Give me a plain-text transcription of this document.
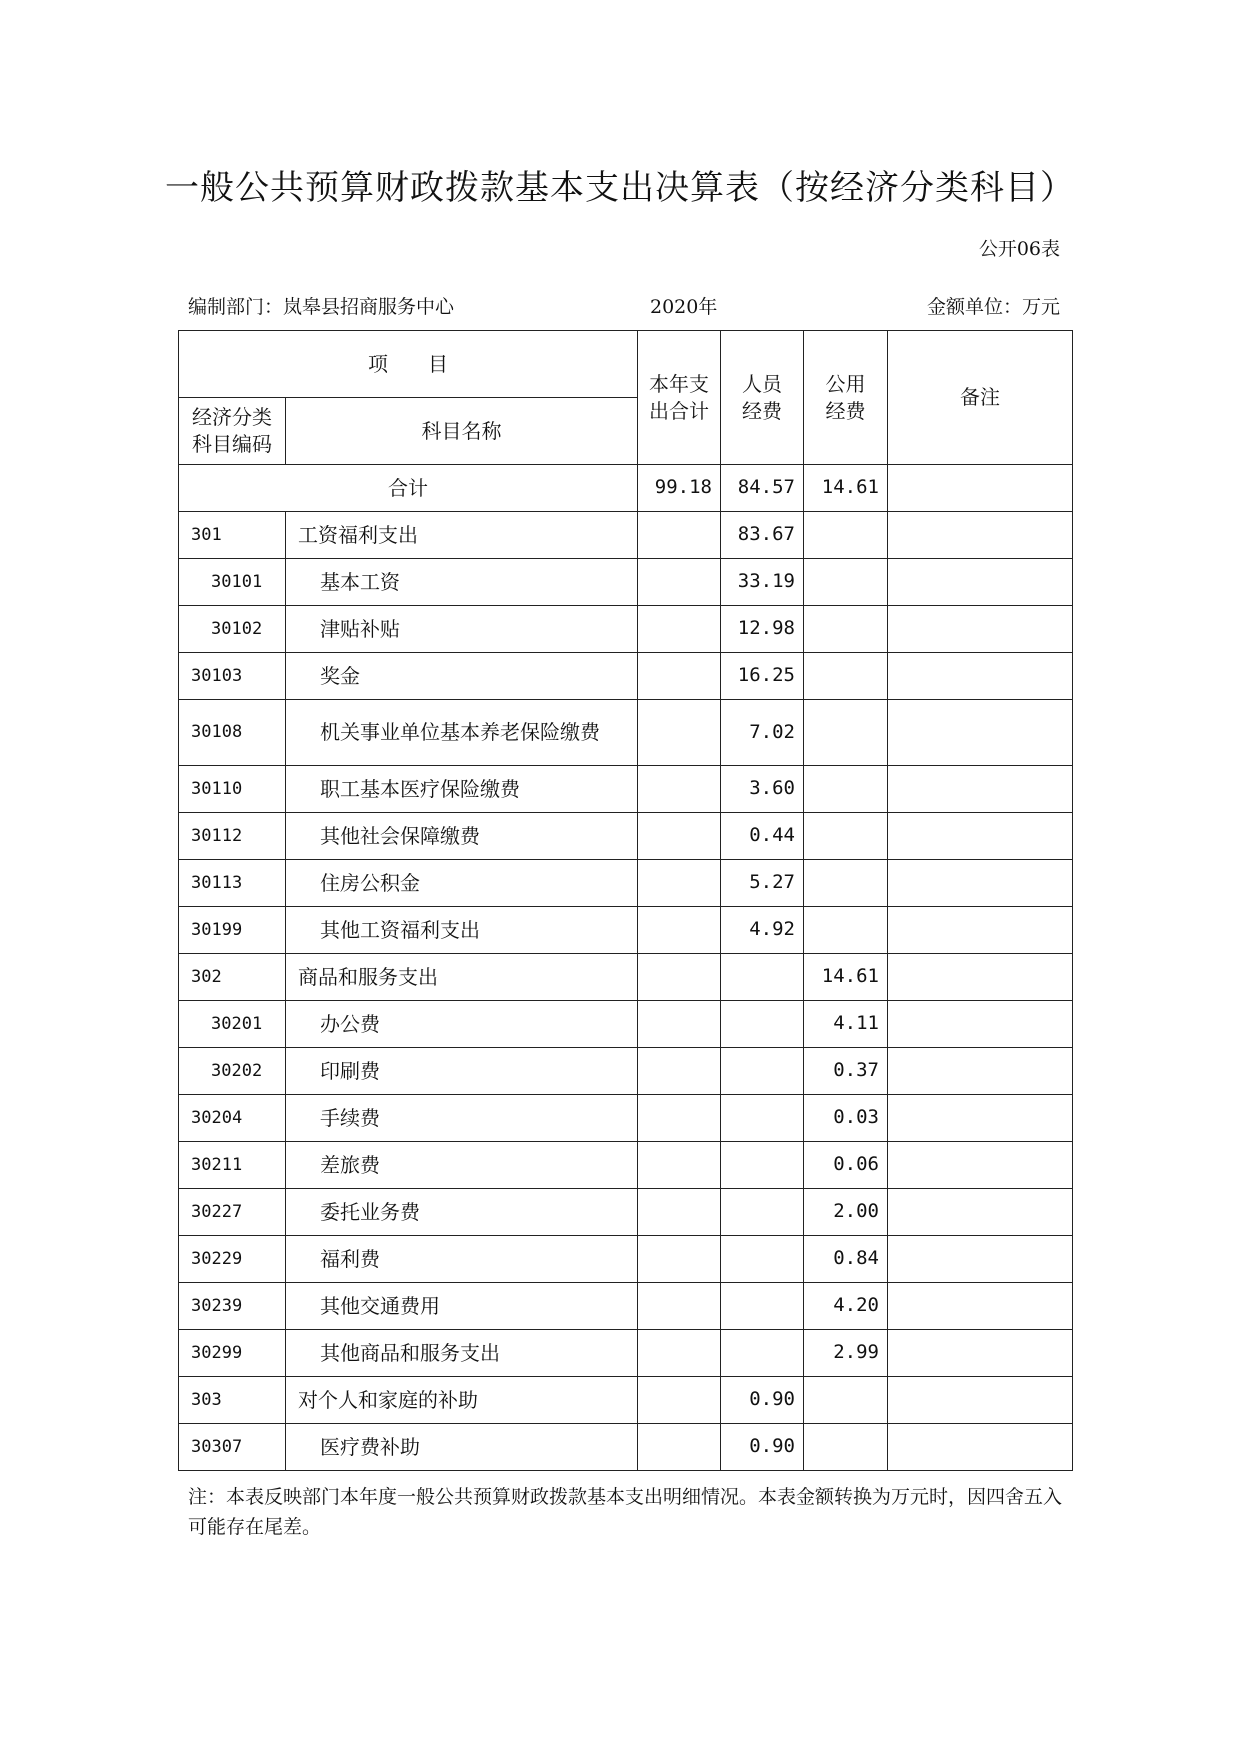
一般公共预算财政拨款基本支出决算表（按经济分类科目）
公开06表
编制部门：岚皋县招商服务中心	2020年	金额单位：万元
项　　目		本年支出合计	人员经费	公用经费	备注
经济分类科目编码	科目名称				
合计		99.18	84.57	14.61	
301	工资福利支出		83.67		
30101	基本工资		33.19		
30102	津贴补贴		12.98		
30103	奖金		16.25		
30108	机关事业单位基本养老保险缴费		7.02		
30110	职工基本医疗保险缴费		3.60		
30112	其他社会保障缴费		0.44		
30113	住房公积金		5.27		
30199	其他工资福利支出		4.92		
302	商品和服务支出			14.61	
30201	办公费			4.11	
30202	印刷费			0.37	
30204	手续费			0.03	
30211	差旅费			0.06	
30227	委托业务费			2.00	
30229	福利费			0.84	
30239	其他交通费用			4.20	
30299	其他商品和服务支出			2.99	
303	对个人和家庭的补助		0.90		
30307	医疗费补助		0.90		
注：本表反映部门本年度一般公共预算财政拨款基本支出明细情况。本表金额转换为万元时，因四舍五入可能存在尾差。
